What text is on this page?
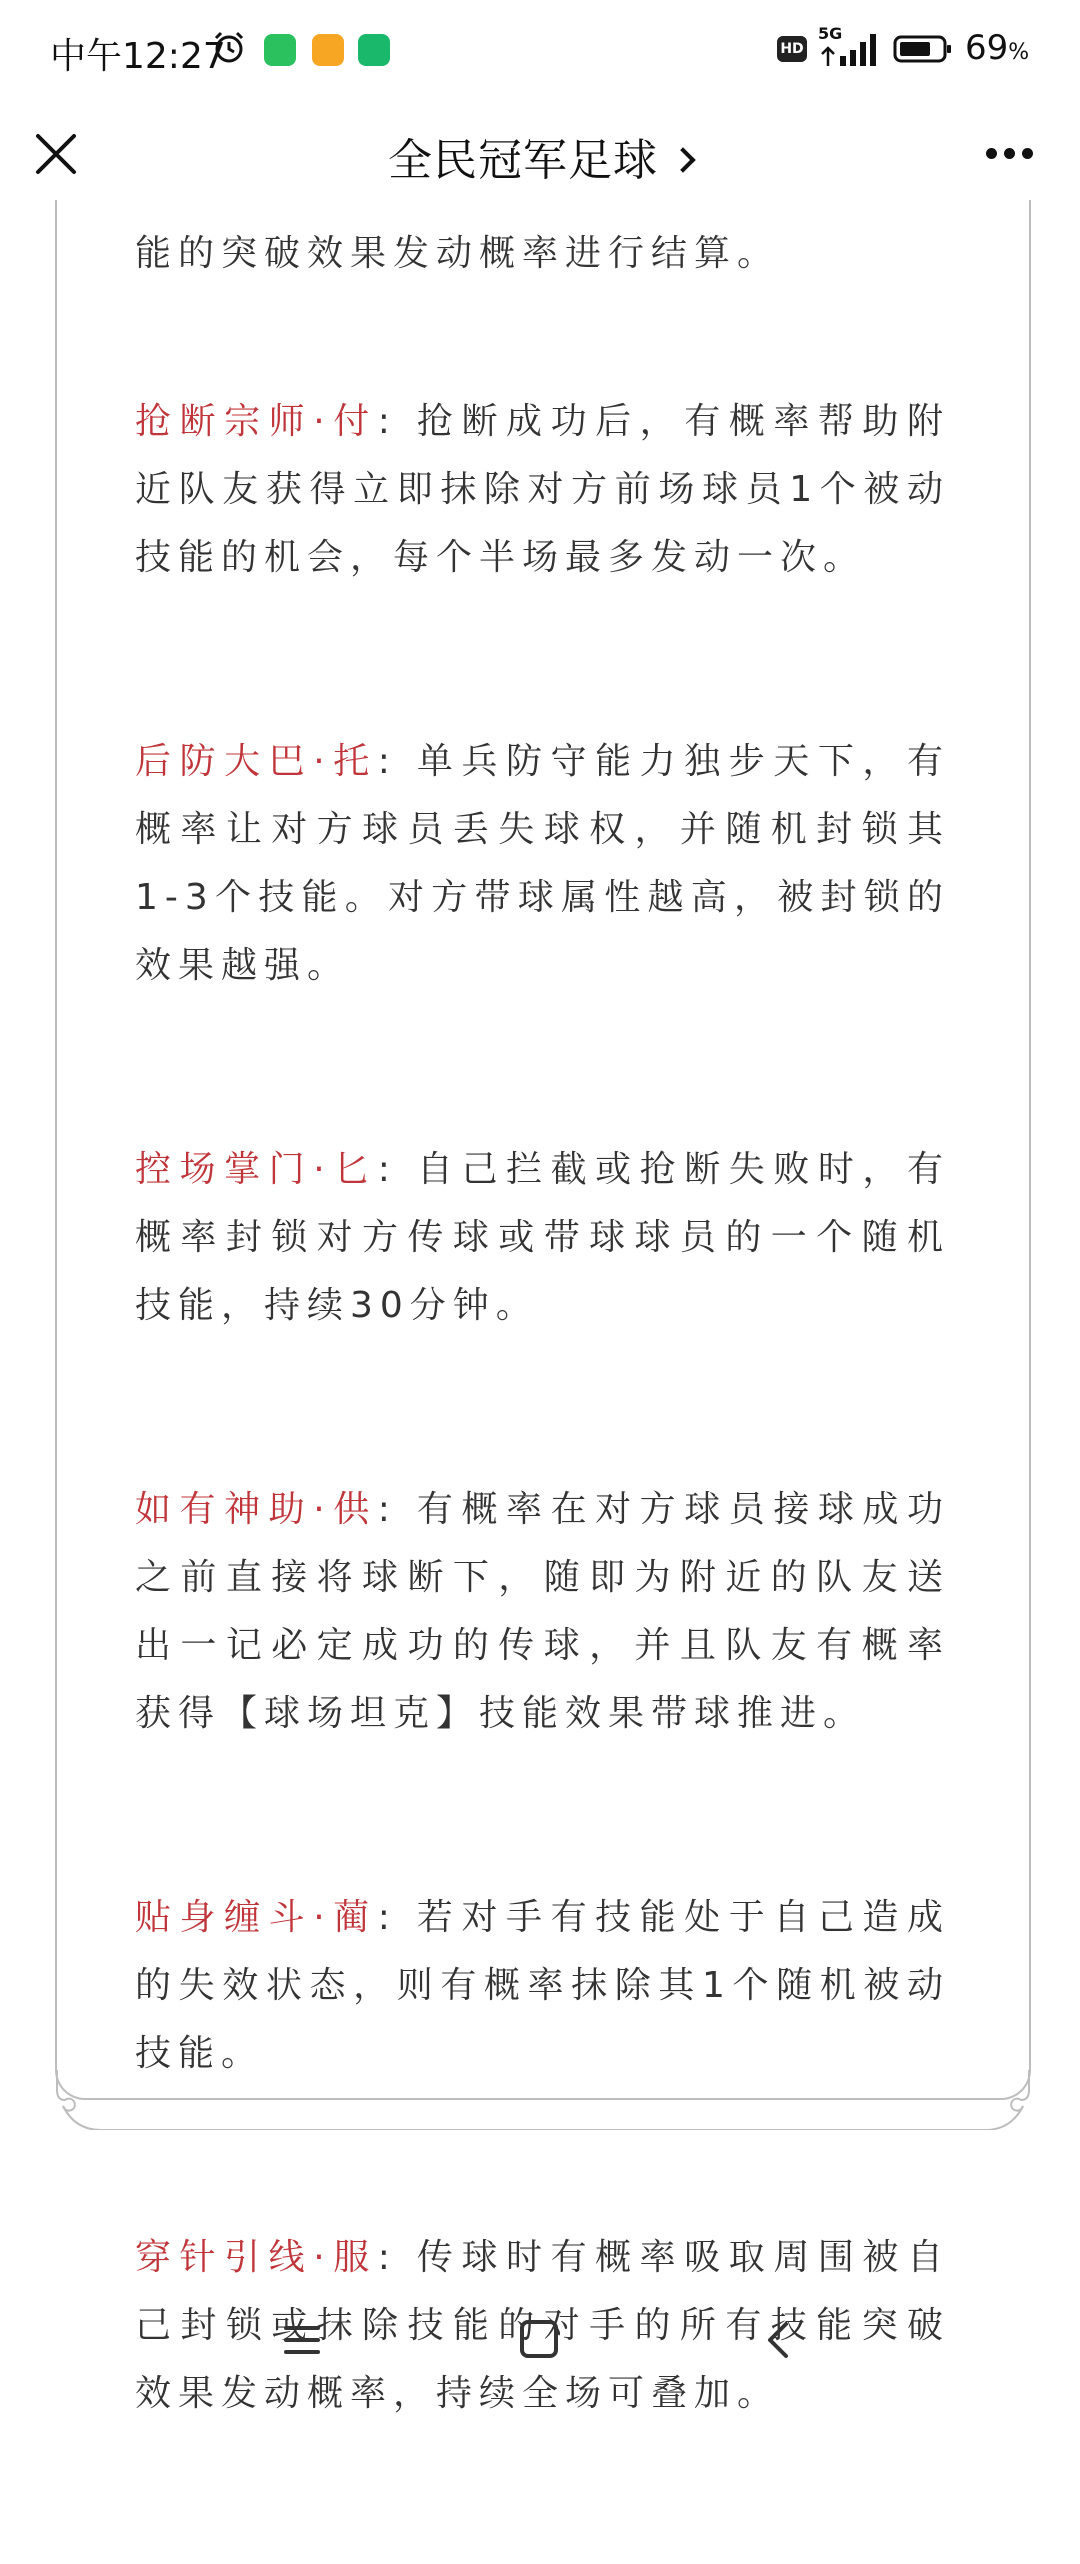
中午12:27	HD
5G	69%
全民冠军足球

能的突破效果发动概率进行结算。

抢断宗师·付: 抢断成功后，有概率帮助附近队友获得立即抹除对方前场球员1个被动技能的机会，每个半场最多发动一次。

后防大巴·托: 单兵防守能力独步天下，有概率让对方球员丢失球权，并随机封锁其1-3个技能。对方带球属性越高，被封锁的效果越强。

控场掌门·匕: 自己拦截或抢断失败时，有概率封锁对方传球或带球球员的一个随机技能，持续30分钟。

如有神助·供: 有概率在对方球员接球成功之前直接将球断下，随即为附近的队友送出一记必定成功的传球，并且队友有概率获得【球场坦克】技能效果带球推进。

贴身缠斗·蔺: 若对手有技能处于自己造成的失效状态，则有概率抹除其1个随机被动技能。

穿针引线·服: 传球时有概率吸取周围被自己封锁或抹除技能的对手的所有技能突破效果发动概率，持续全场可叠加。
